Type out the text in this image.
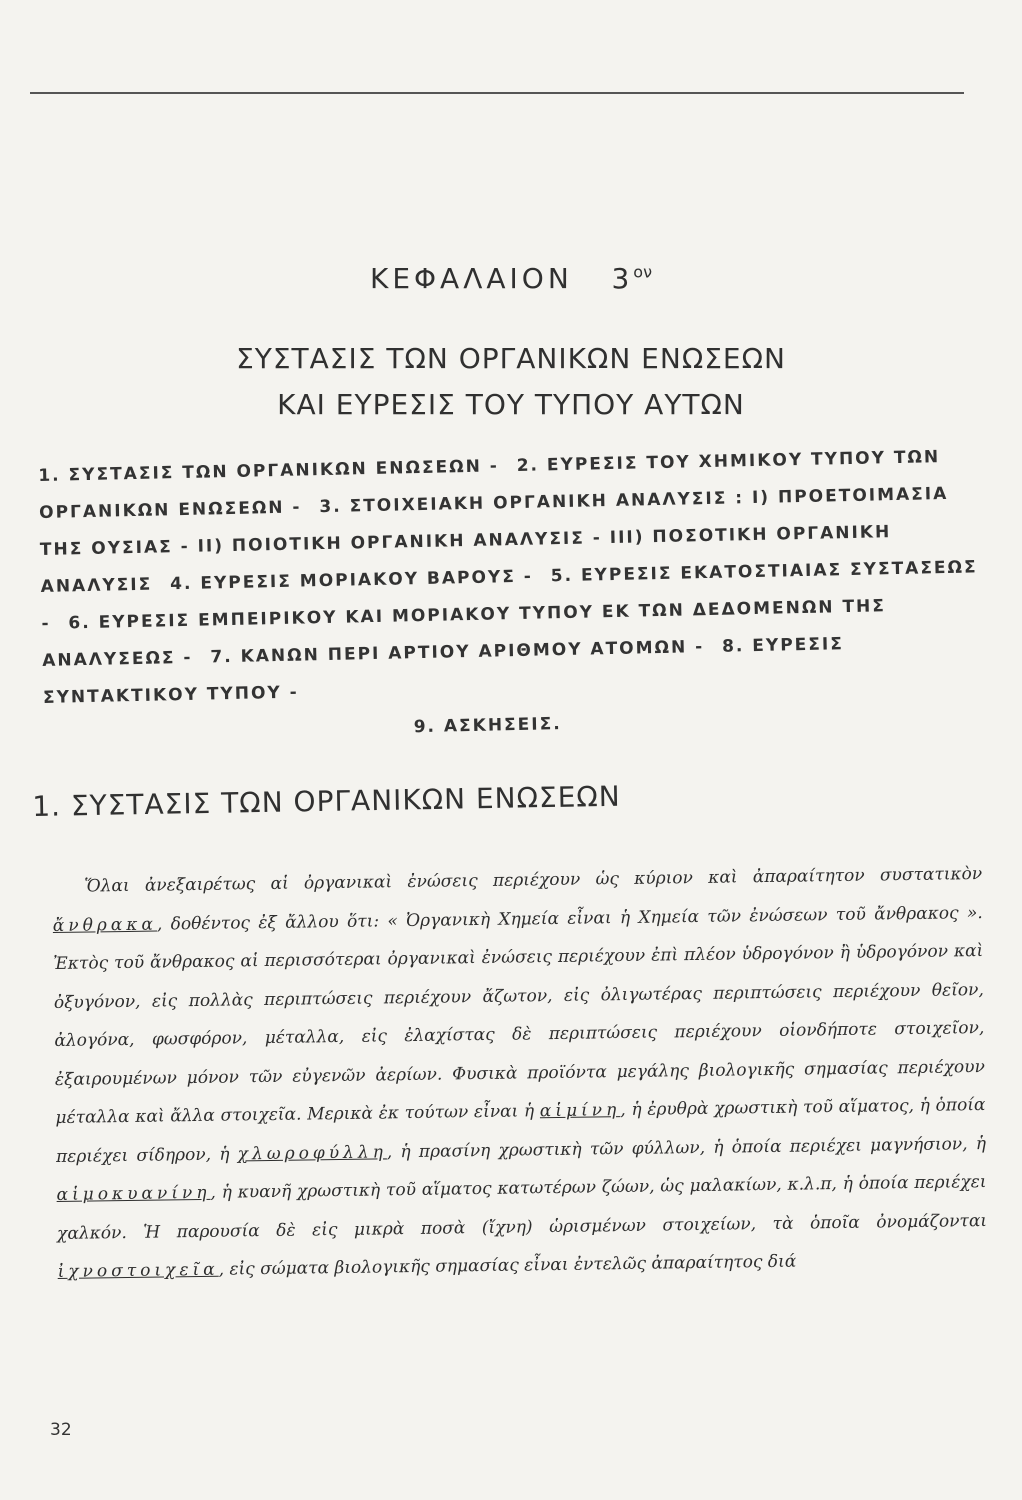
ΚΕΦΑΛΑΙΟΝ $3^{o\nu}$
ΣΥΣΤΑΣΙΣ ΤΩΝ ΟΡΓΑΝΙΚΩΝ ΕΝΩΣΕΩΝ
ΚΑΙ ΕΥΡΕΣΙΣ ΤΟΥ ΤΥΠΟΥ ΑΥΤΩΝ
1. ΣΥΣΤΑΣΙΣ ΤΩΝ ΟΡΓΑΝΙΚΩΝ ΕΝΩΣΕΩΝ - 2. ΕΥΡΕΣΙΣ ΤΟΥ ΧΗΜΙΚΟΥ ΤΥΠΟΥ ΤΩΝ ΟΡΓΑΝΙΚΩΝ ΕΝΩΣΕΩΝ - 3. ΣΤΟΙΧΕΙΑΚΗ ΟΡΓΑΝΙΚΗ ΑΝΑΛΥΣΙΣ : I) ΠΡΟΕΤΟΙΜΑΣΙΑ ΤΗΣ ΟΥΣΙΑΣ - II) ΠΟΙΟΤΙΚΗ ΟΡΓΑΝΙΚΗ ΑΝΑΛΥΣΙΣ - III) ΠΟΣΟΤΙΚΗ ΟΡΓΑΝΙΚΗ ΑΝΑΛΥΣΙΣ 4. ΕΥΡΕΣΙΣ ΜΟΡΙΑΚΟΥ ΒΑΡΟΥΣ - 5. ΕΥΡΕΣΙΣ ΕΚΑΤΟΣΤΙΑΙΑΣ ΣΥΣΤΑΣΕΩΣ - 6. ΕΥΡΕΣΙΣ ΕΜΠΕΙΡΙΚΟΥ ΚΑΙ ΜΟΡΙΑΚΟΥ ΤΥΠΟΥ ΕΚ ΤΩΝ ΔΕΔΟΜΕΝΩΝ ΤΗΣ ΑΝΑΛΥΣΕΩΣ - 7. ΚΑΝΩΝ ΠΕΡΙ ΑΡΤΙΟΥ ΑΡΙΘΜΟΥ ΑΤΟΜΩΝ - 8. ΕΥΡΕΣΙΣ ΣΥΝΤΑΚΤΙΚΟΥ ΤΥΠΟΥ -
9. ΑΣΚΗΣΕΙΣ.
1. ΣΥΣΤΑΣΙΣ ΤΩΝ ΟΡΓΑΝΙΚΩΝ ΕΝΩΣΕΩΝ
Ὅλαι ἀνεξαιρέτως αἱ ὀργανικαὶ ἐνώσεις περιέχουν ὡς κύριον καὶ ἀπαραίτητον συστατικὸν ἄνθρακα, δοθέντος ἐξ ἄλλου ὅτι: « Ὀργανικὴ Χημεία εἶναι ἡ Χημεία τῶν ἐνώσεων τοῦ ἄνθρακος ». Ἐκτὸς τοῦ ἄνθρακος αἱ περισσότεραι ὀργανικαὶ ἐνώσεις περιέχουν ἐπὶ πλέον ὑδρογόνον ἢ ὑδρογόνον καὶ ὀξυγόνον, εἰς πολλὰς περιπτώσεις περιέχουν ἄζωτον, εἰς ὀλιγωτέρας περιπτώσεις περιέχουν θεῖον, ἀλογόνα, φωσφόρον, μέταλλα, εἰς ἐλαχίστας δὲ περιπτώσεις περιέχουν οἱονδήποτε στοιχεῖον, ἐξαιρουμένων μόνον τῶν εὐγενῶν ἀερίων. Φυσικὰ προϊόντα μεγάλης βιολογικῆς σημασίας περιέχουν μέταλλα καὶ ἄλλα στοιχεῖα. Μερικὰ ἐκ τούτων εἶναι ἡ αἱμίνη, ἡ ἐρυθρὰ χρωστικὴ τοῦ αἵματος, ἡ ὁποία περιέχει σίδηρον, ἡ χλωροφύλλη, ἡ πρασίνη χρωστικὴ τῶν φύλλων, ἡ ὁποία περιέχει μαγνήσιον, ἡ αἱμοκυανίνη, ἡ κυανῆ χρωστικὴ τοῦ αἵματος κατωτέρων ζώων, ὡς μαλακίων, κ.λ.π, ἡ ὁποία περιέχει χαλκόν. Ἡ παρουσία δὲ εἰς μικρὰ ποσὰ (ἴχνη) ὡρισμένων στοιχείων, τὰ ὁποῖα ὀνομάζονται ἰχνοστοιχεῖα, εἰς σώματα βιολογικῆς σημασίας εἶναι ἐντελῶς ἀπαραίτητος διά
32
